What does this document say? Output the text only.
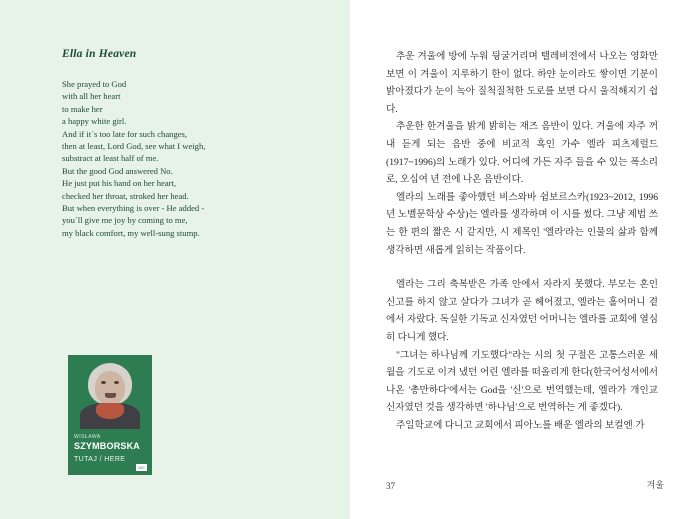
Ella in Heaven
She prayed to God
with all her heart
to make her
a happy white girl.
And if it´s too late for such changes,
then at least, Lord God, see what I weigh,
substract at least half of me.
But the good God answered No.
He just put his hand on her heart,
checked her throat, stroked her head.
But when everything is over - He added -
you´ll give me joy by coming to me,
my black comfort, my well-sung stump.
WISŁAWA
SZYMBORSKA
TUTAJ / HERE
MC

추운 겨울에 방에 누워 뒹굴거리며 텔레비전에서 나오는 영화만 보면 이 겨울이 지루하기 한이 없다. 하얀 눈이라도 쌓이면 기분이 밝아졌다가 눈이 녹아 질척질척한 도로를 보면 다시 울적해지기 쉽다.

추운한 한겨울을 밝게 밝히는 재즈 음반이 있다. 겨울에 자주 꺼내 듣게 되는 음반 중에 비교적 흑인 가수 엘라 피츠제럴드(1917~1996)의 노래가 있다. 어디에 가든 자주 들을 수 있는 폭소리로, 오십여 년 전에 나온 음반이다.

엘라의 노래를 좋아했던 비스와바 쉼보르스카(1923~2012, 1996년 노벨문학상 수상)는 엘라를 생각하며 이 시를 썼다. 그냥 제법 쓰는 한 편의 짧은 시 같지만, 시 제목인 '엘라'라는 인물의 삶과 함께 생각하면 새롭게 읽히는 작품이다.

엘라는 그리 축복받은 가족 안에서 자라지 못했다. 부모는 혼인 신고를 하지 않고 살다가 그녀가 곧 헤어졌고, 엘라는 홀어머니 곁에서 자랐다. 독실한 기독교 신자였던 어머니는 엘라를 교회에 열심히 다니게 했다.

"그녀는 하나님께 기도했다"라는 시의 첫 구절은 고통스러운 세월을 기도로 이겨 냈던 어린 엘라를 떠올리게 한다(한국어성서에서 나온 '총만하다'에서는 God을 '신'으로 번역했는데, 엘라가 개인교 신자였던 것을 생각하면 '하나님'으로 번역하는 게 좋겠다).

주일학교에 다니고 교회에서 피아노를 배운 엘라의 보컬엔 가

37	겨울
